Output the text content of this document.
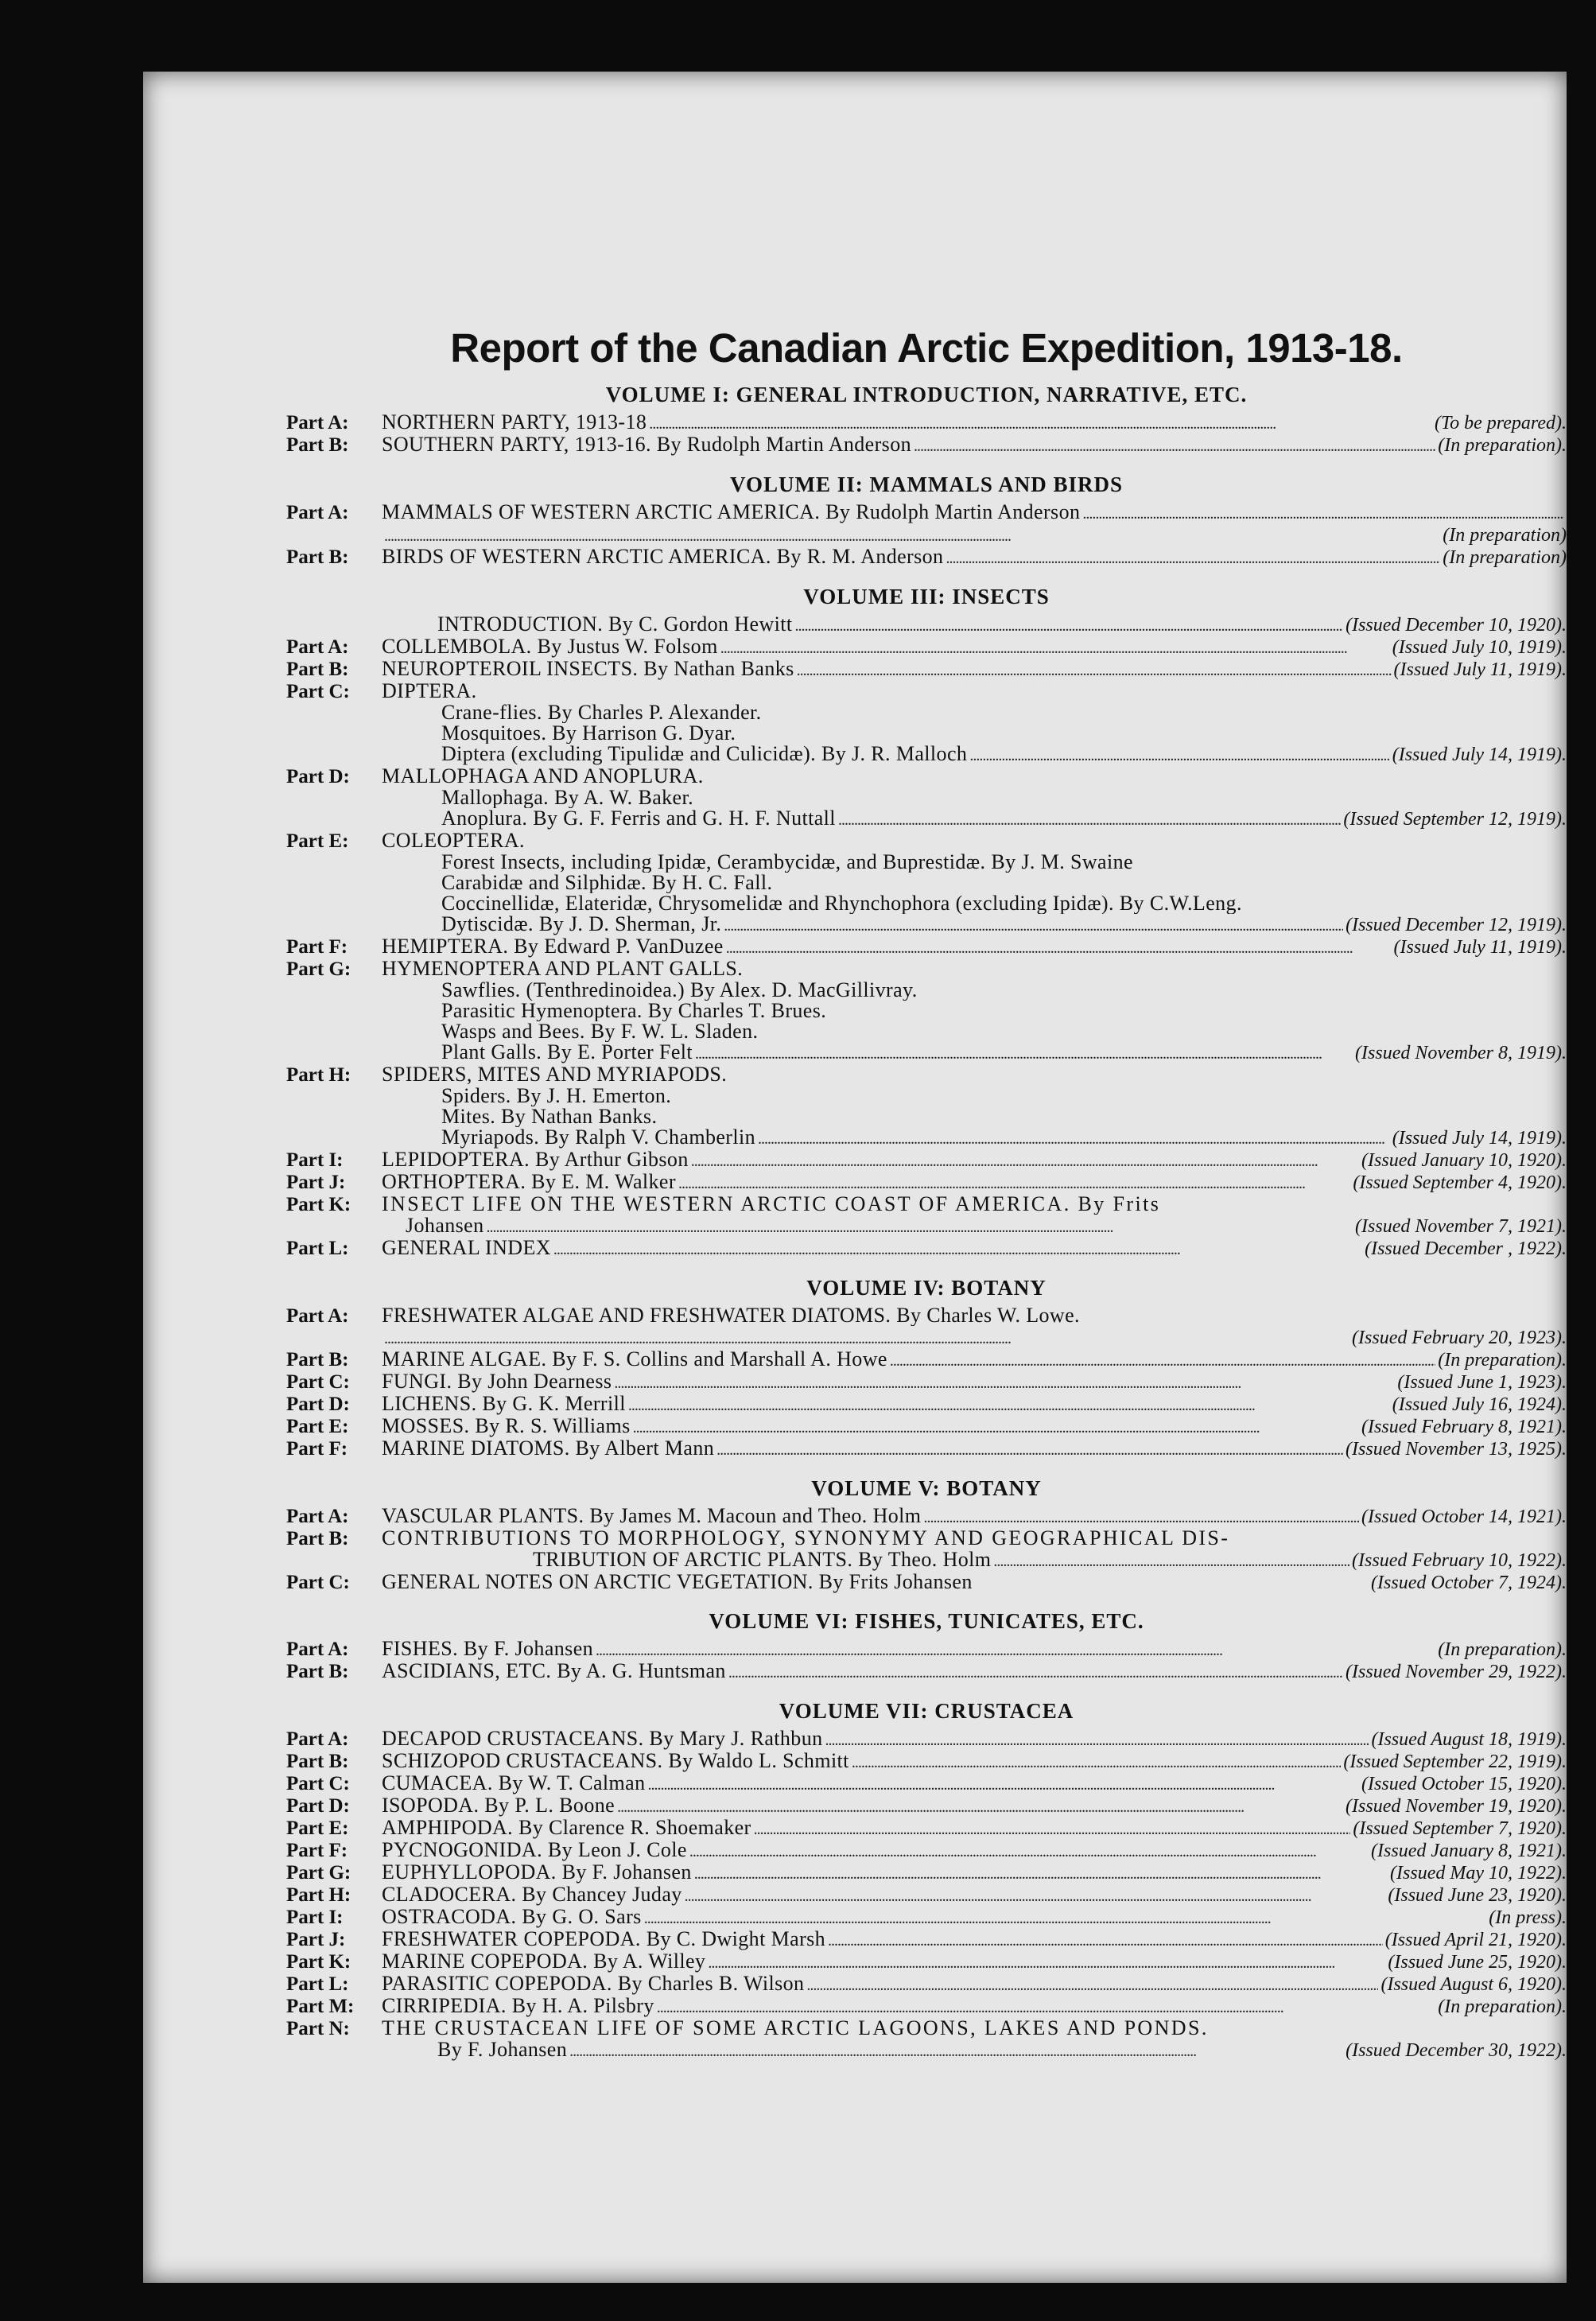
Report of the Canadian Arctic Expedition, 1913-18.
VOLUME I: GENERAL INTRODUCTION, NARRATIVE, ETC.
Part A:	NORTHERN PARTY, 1913-18 . . .	(To be prepared).
Part B:	SOUTHERN PARTY, 1913-16. By Rudolph Martin Anderson . . .	(In preparation).
VOLUME II: MAMMALS AND BIRDS
Part A:	MAMMALS OF WESTERN ARCTIC AMERICA. By Rudolph Martin Anderson
. . .
. . .
(In preparation)
Part B:	BIRDS OF WESTERN ARCTIC AMERICA. By R. M. Anderson . . .	(In preparation)
VOLUME III: INSECTS
INTRODUCTION. By C. Gordon Hewitt . . .	(Issued December 10, 1920).
Part A:	COLLEMBOLA. By Justus W. Folsom . . .	(Issued July 10, 1919).
Part B:	NEUROPTEROIL INSECTS. By Nathan Banks . . .	(Issued July 11, 1919).
Part C:	DIPTERA.
Crane-flies. By Charles P. Alexander.
Mosquitoes. By Harrison G. Dyar.
Diptera (excluding Tipulidæ and Culicidæ). By J. R. Malloch . . .	(Issued July 14, 1919).
Part D:	MALLOPHAGA AND ANOPLURA.
Mallophaga. By A. W. Baker.
Anoplura. By G. F. Ferris and G. H. F. Nuttall . . .	(Issued September 12, 1919).
Part E:	COLEOPTERA.
Forest Insects, including Ipidæ, Cerambycidæ, and Buprestidæ. By J. M. Swaine
Carabidæ and Silphidæ. By H. C. Fall.
Coccinellidæ, Elateridæ, Chrysomelidæ and Rhynchophora (excluding Ipidæ). By C.W.Leng.
Dytiscidæ. By J. D. Sherman, Jr. . . .	(Issued December 12, 1919).
Part F:	HEMIPTERA. By Edward P. VanDuzee . . .	(Issued July 11, 1919).
Part G:	HYMENOPTERA AND PLANT GALLS.
Sawflies. (Tenthredinoidea.) By Alex. D. MacGillivray.
Parasitic Hymenoptera. By Charles T. Brues.
Wasps and Bees. By F. W. L. Sladen.
Plant Galls. By E. Porter Felt . . .	(Issued November 8, 1919).
Part H:	SPIDERS, MITES AND MYRIAPODS.
Spiders. By J. H. Emerton.
Mites. By Nathan Banks.
Myriapods. By Ralph V. Chamberlin . . .	(Issued July 14, 1919).
Part I:	LEPIDOPTERA. By Arthur Gibson . . .	(Issued January 10, 1920).
Part J:	ORTHOPTERA. By E. M. Walker . . .	(Issued September 4, 1920).
Part K:	INSECT LIFE ON THE WESTERN ARCTIC COAST OF AMERICA. By Frits
Johansen . . .	(Issued November 7, 1921).
Part L:	GENERAL INDEX . . .	(Issued December , 1922).
VOLUME IV: BOTANY
Part A:	FRESHWATER ALGAE AND FRESHWATER DIATOMS. By Charles W. Lowe.
. . .
(Issued February 20, 1923).
Part B:	MARINE ALGAE. By F. S. Collins and Marshall A. Howe . . .	(In preparation).
Part C:	FUNGI. By John Dearness . . .	(Issued June 1, 1923).
Part D:	LICHENS. By G. K. Merrill . . .	(Issued July 16, 1924).
Part E:	MOSSES. By R. S. Williams . . .	(Issued February 8, 1921).
Part F:	MARINE DIATOMS. By Albert Mann . . .	(Issued November 13, 1925).
VOLUME V: BOTANY
Part A:	VASCULAR PLANTS. By James M. Macoun and Theo. Holm . . .	(Issued October 14, 1921).
Part B:	CONTRIBUTIONS TO MORPHOLOGY, SYNONYMY AND GEOGRAPHICAL DIS-
TRIBUTION OF ARCTIC PLANTS. By Theo. Holm . . .	(Issued February 10, 1922).
Part C:	GENERAL NOTES ON ARCTIC VEGETATION. By Frits Johansen	(Issued October 7, 1924).
VOLUME VI: FISHES, TUNICATES, ETC.
Part A:	FISHES. By F. Johansen . . .	(In preparation).
Part B:	ASCIDIANS, ETC. By A. G. Huntsman . . .	(Issued November 29, 1922).
VOLUME VII: CRUSTACEA
Part A:	DECAPOD CRUSTACEANS. By Mary J. Rathbun . . .	(Issued August 18, 1919).
Part B:	SCHIZOPOD CRUSTACEANS. By Waldo L. Schmitt . . .	(Issued September 22, 1919).
Part C:	CUMACEA. By W. T. Calman . . .	(Issued October 15, 1920).
Part D:	ISOPODA. By P. L. Boone . . .	(Issued November 19, 1920).
Part E:	AMPHIPODA. By Clarence R. Shoemaker . . .	(Issued September 7, 1920).
Part F:	PYCNOGONIDA. By Leon J. Cole . . .	(Issued January 8, 1921).
Part G:	EUPHYLLOPODA. By F. Johansen . . .	(Issued May 10, 1922).
Part H:	CLADOCERA. By Chancey Juday . . .	(Issued June 23, 1920).
Part I:	OSTRACODA. By G. O. Sars . . .	(In press).
Part J:	FRESHWATER COPEPODA. By C. Dwight Marsh . . .	(Issued April 21, 1920).
Part K:	MARINE COPEPODA. By A. Willey . . .	(Issued June 25, 1920).
Part L:	PARASITIC COPEPODA. By Charles B. Wilson . . .	(Issued August 6, 1920).
Part M:	CIRRIPEDIA. By H. A. Pilsbry . . .	(In preparation).
Part N:	THE CRUSTACEAN LIFE OF SOME ARCTIC LAGOONS, LAKES AND PONDS.
By F. Johansen . . .	(Issued December 30, 1922).
